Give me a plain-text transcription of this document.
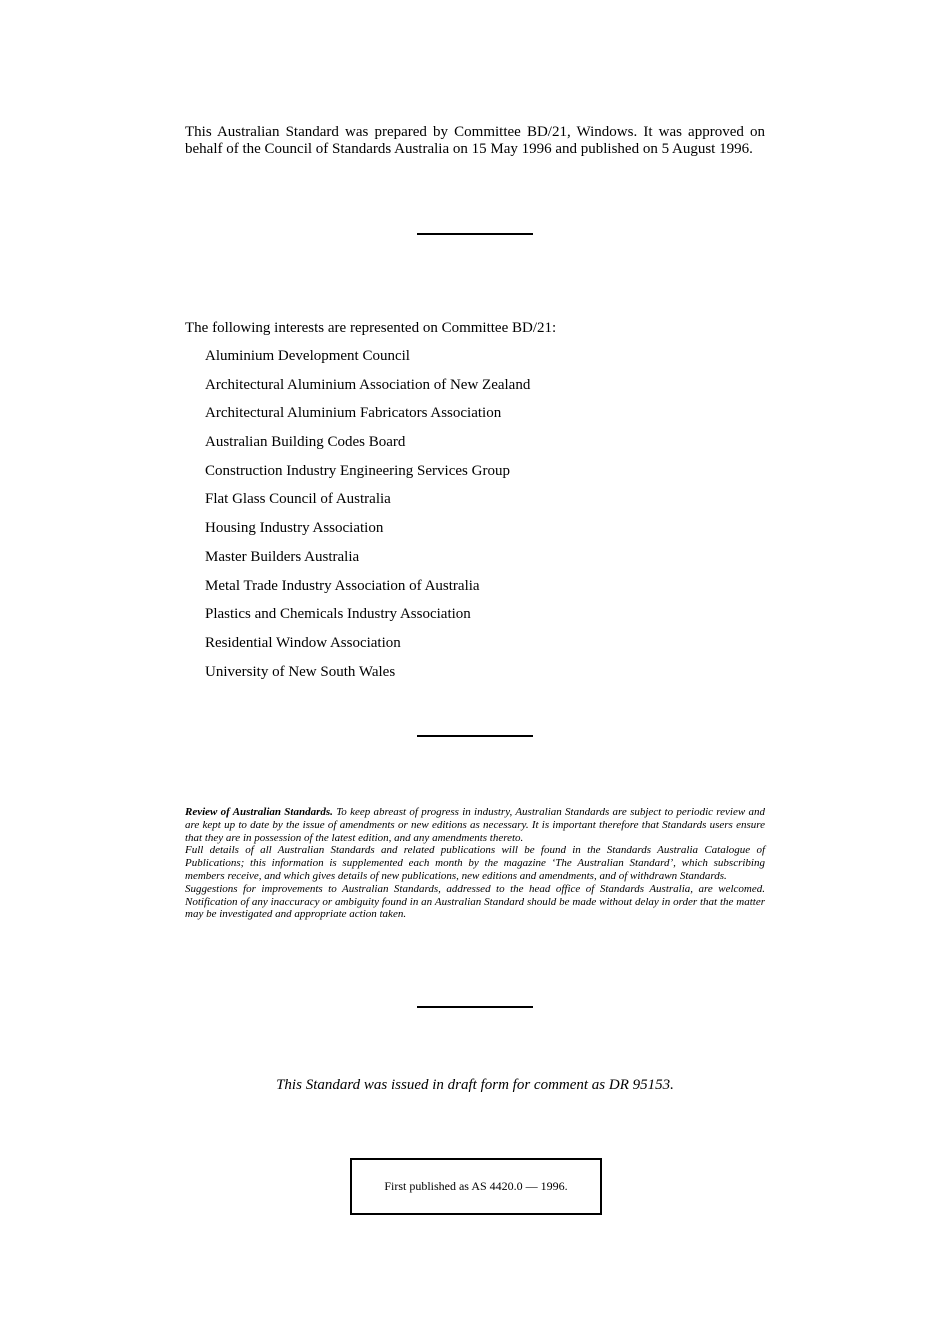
This Australian Standard was prepared by Committee BD/21, Windows. It was approved on behalf of the Council of Standards Australia on 15 May 1996 and published on 5 August 1996.
The following interests are represented on Committee BD/21:
Aluminium Development Council
Architectural Aluminium Association of New Zealand
Architectural Aluminium Fabricators Association
Australian Building Codes Board
Construction Industry Engineering Services Group
Flat Glass Council of Australia
Housing Industry Association
Master Builders Australia
Metal Trade Industry Association of Australia
Plastics and Chemicals Industry Association
Residential Window Association
University of New South Wales

Review of Australian Standards. To keep abreast of progress in industry, Australian Standards are subject to periodic review and are kept up to date by the issue of amendments or new editions as necessary. It is important therefore that Standards users ensure that they are in possession of the latest edition, and any amendments thereto.

Full details of all Australian Standards and related publications will be found in the Standards Australia Catalogue of Publications; this information is supplemented each month by the magazine ‘The Australian Standard’, which subscribing members receive, and which gives details of new publications, new editions and amendments, and of withdrawn Standards.

Suggestions for improvements to Australian Standards, addressed to the head office of Standards Australia, are welcomed. Notification of any inaccuracy or ambiguity found in an Australian Standard should be made without delay in order that the matter may be investigated and appropriate action taken.

This Standard was issued in draft form for comment as DR 95153.
First published as AS 4420.0 — 1996.
